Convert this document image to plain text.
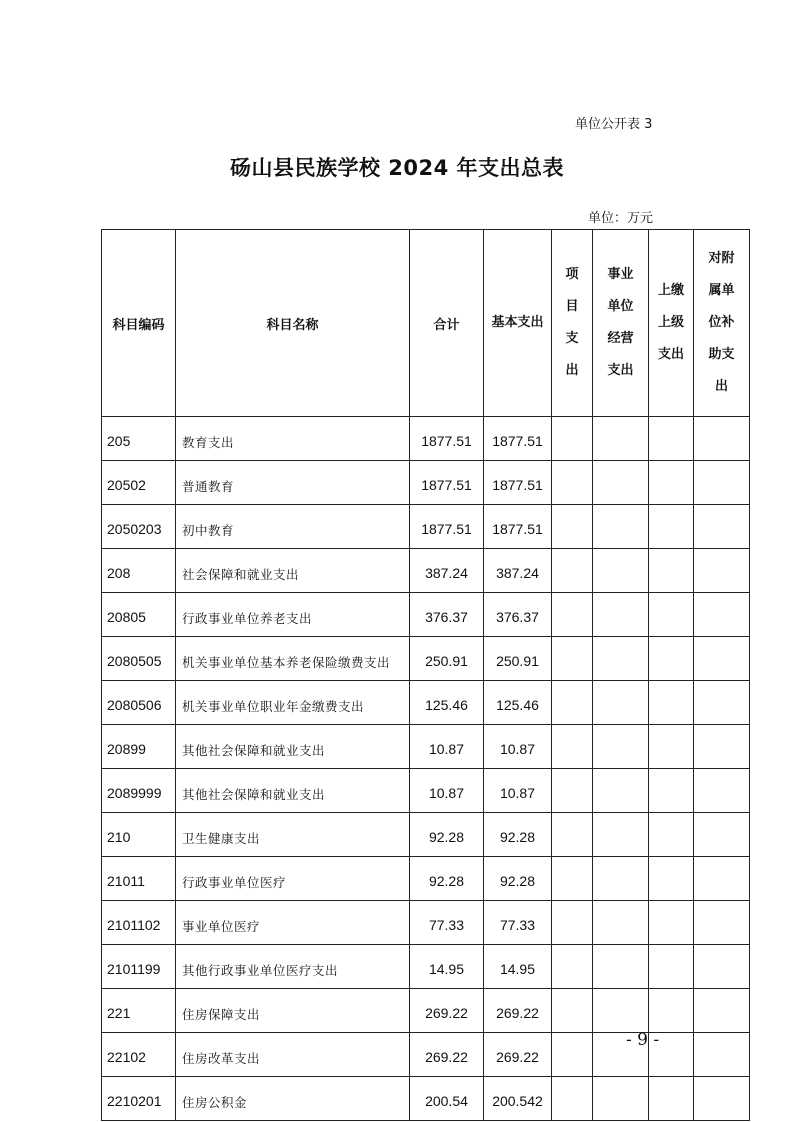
单位公开表 3
砀山县民族学校 2024 年支出总表
单位：万元
科目编码	科目名称	合计	基本支出	项目支出	事业单位经营支出	上缴上级支出	对附属单位补助支出
205	教育支出	1877.51	1877.51				
20502	普通教育	1877.51	1877.51				
2050203	初中教育	1877.51	1877.51				
208	社会保障和就业支出	387.24	387.24				
20805	行政事业单位养老支出	376.37	376.37				
2080505	机关事业单位基本养老保险缴费支出	250.91	250.91				
2080506	机关事业单位职业年金缴费支出	125.46	125.46				
20899	其他社会保障和就业支出	10.87	10.87				
2089999	其他社会保障和就业支出	10.87	10.87				
210	卫生健康支出	92.28	92.28				
21011	行政事业单位医疗	92.28	92.28				
2101102	事业单位医疗	77.33	77.33				
2101199	其他行政事业单位医疗支出	14.95	14.95				
221	住房保障支出	269.22	269.22				
22102	住房改革支出	269.22	269.22				
2210201	住房公积金	200.54	200.542				
- 9 -
